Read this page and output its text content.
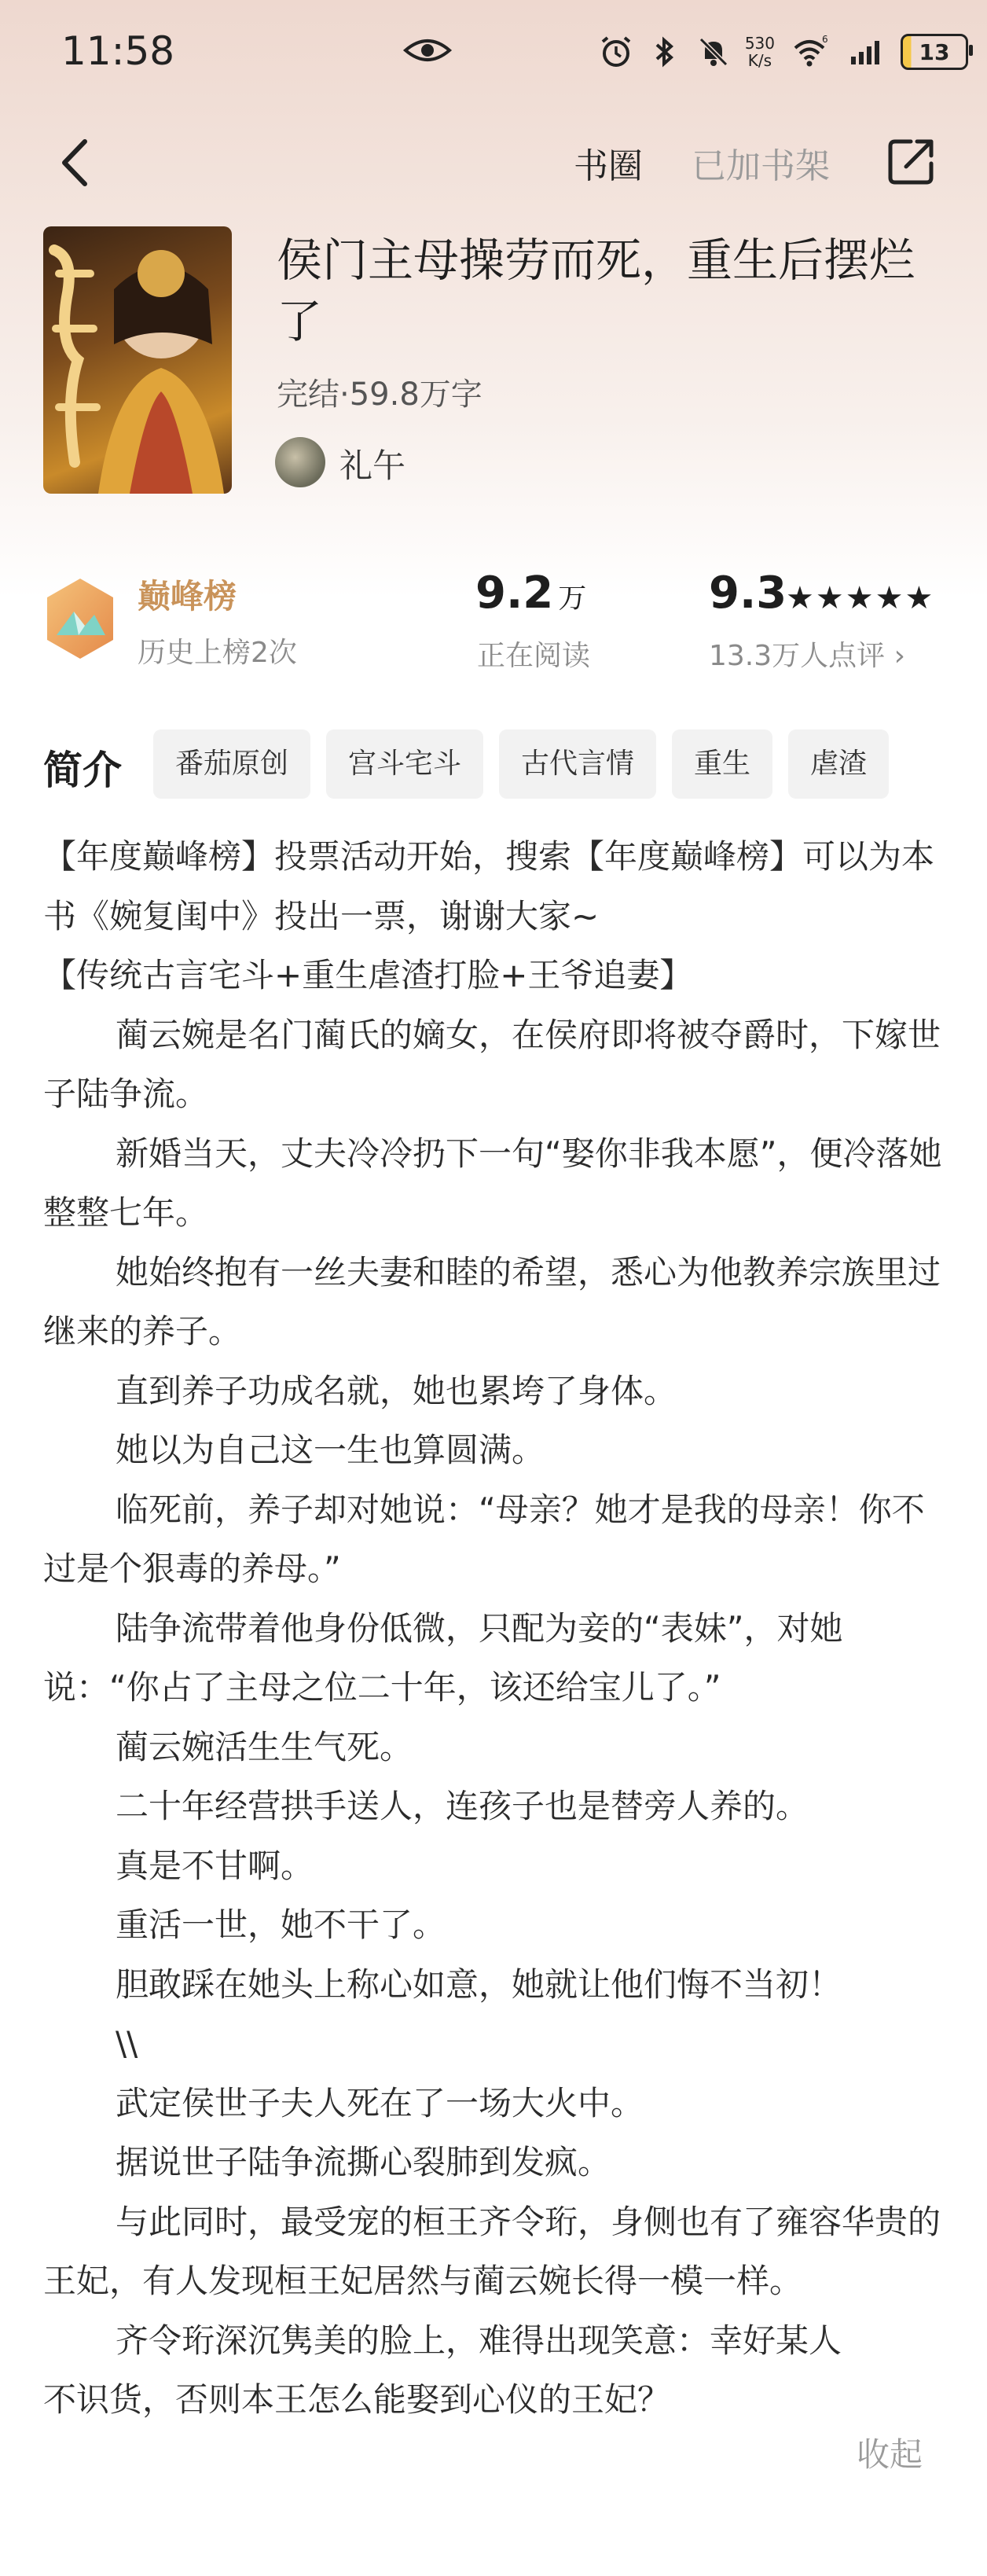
11:58	530
K/s
6	13
书圈 已加书架
侯门主母操劳而死，重生后摆烂了
完结·59.8万字
礼午
巅峰榜
历史上榜2次
9.2 万
正在阅读
9.3
★★★★★
13.3万人点评 ›
简介	番茄原创	宫斗宅斗	古代言情	重生	虐渣

【年度巅峰榜】投票活动开始，搜索【年度巅峰榜】可以为本书《婉复闺中》投出一票，谢谢大家~

【传统古言宅斗+重生虐渣打脸+王爷追妻】

蔺云婉是名门蔺氏的嫡女，在侯府即将被夺爵时，下嫁世子陆争流。

新婚当天，丈夫冷冷扔下一句“娶你非我本愿”，便冷落她整整七年。

她始终抱有一丝夫妻和睦的希望，悉心为他教养宗族里过继来的养子。

直到养子功成名就，她也累垮了身体。

她以为自己这一生也算圆满。

临死前，养子却对她说：“母亲？她才是我的母亲！你不过是个狠毒的养母。”

陆争流带着他身份低微，只配为妾的“表妹”，对她说：“你占了主母之位二十年，该还给宝儿了。”

蔺云婉活生生气死。

二十年经营拱手送人，连孩子也是替旁人养的。

真是不甘啊。

重活一世，她不干了。

胆敢踩在她头上称心如意，她就让他们悔不当初！

\\

武定侯世子夫人死在了一场大火中。

据说世子陆争流撕心裂肺到发疯。

与此同时，最受宠的桓王齐令珩，身侧也有了雍容华贵的王妃，有人发现桓王妃居然与蔺云婉长得一模一样。

齐令珩深沉隽美的脸上，难得出现笑意：幸好某人不识货，否则本王怎么能娶到心仪的王妃？

收起
